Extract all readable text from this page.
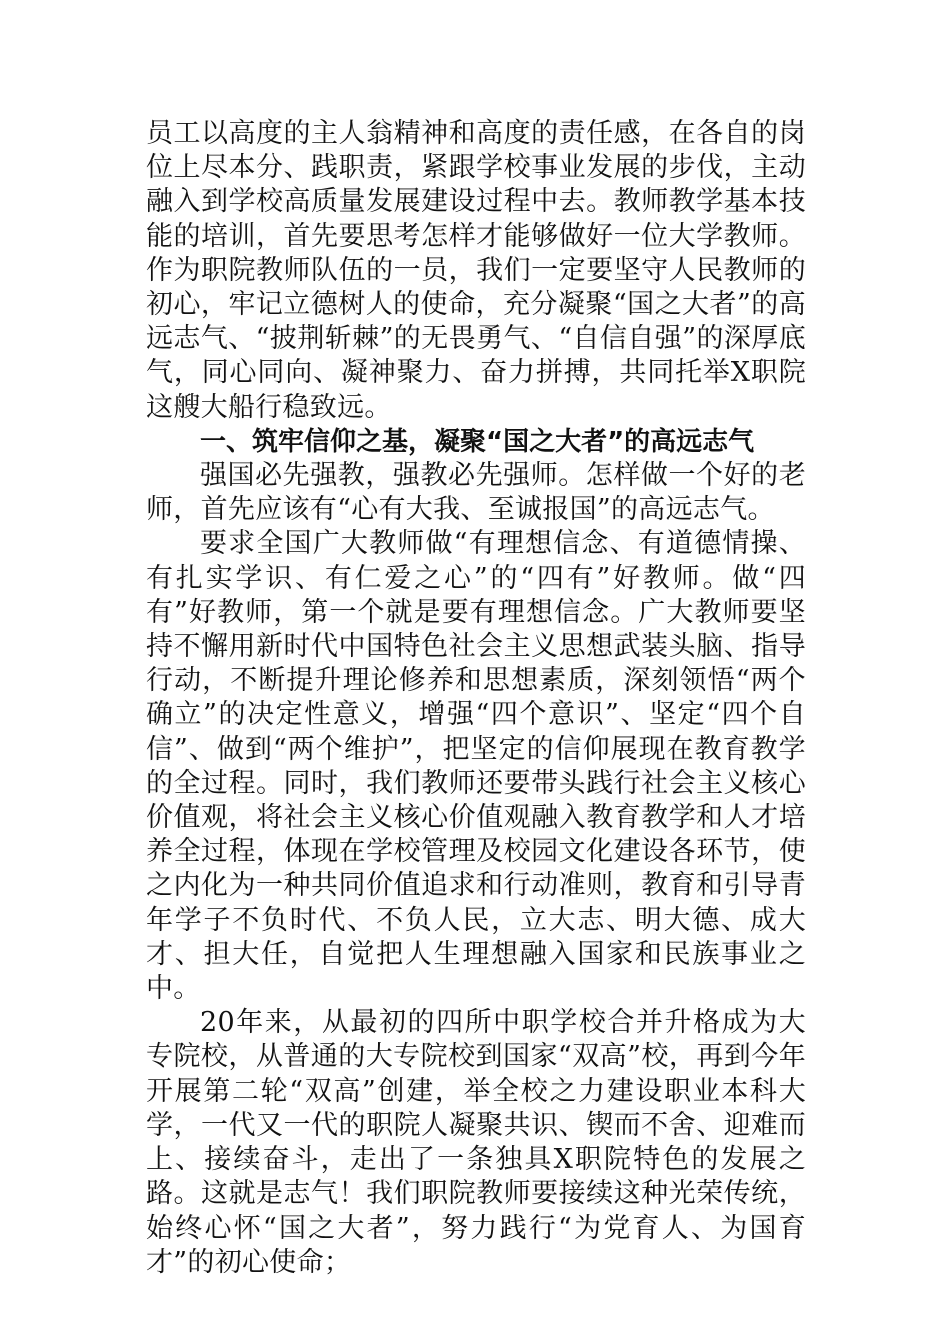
员工以高度的主人翁精神和高度的责任感，在各自的岗位上尽本分、践职责，紧跟学校事业发展的步伐，主动融入到学校高质量发展建设过程中去。教师教学基本技能的培训，首先要思考怎样才能够做好一位大学教师。作为职院教师队伍的一员，我们一定要坚守人民教师的初心，牢记立德树人的使命，充分凝聚“国之大者”的高远志气、“披荆斩棘”的无畏勇气、“自信自强”的深厚底气，同心同向、凝神聚力、奋力拼搏，共同托举X职院这艘大船行稳致远。

一、筑牢信仰之基，凝聚“国之大者”的高远志气

强国必先强教，强教必先强师。怎样做一个好的老师，首先应该有“心有大我、至诚报国”的高远志气。

要求全国广大教师做“有理想信念、有道德情操、有扎实学识、有仁爱之心”的“四有”好教师。做“四有”好教师，第一个就是要有理想信念。广大教师要坚持不懈用新时代中国特色社会主义思想武装头脑、指导行动，不断提升理论修养和思想素质，深刻领悟“两个确立”的决定性意义，增强“四个意识”、坚定“四个自信”、做到“两个维护”，把坚定的信仰展现在教育教学的全过程。同时，我们教师还要带头践行社会主义核心价值观，将社会主义核心价值观融入教育教学和人才培养全过程，体现在学校管理及校园文化建设各环节，使之内化为一种共同价值追求和行动准则，教育和引导青年学子不负时代、不负人民，立大志、明大德、成大才、担大任，自觉把人生理想融入国家和民族事业之中。

20年来，从最初的四所中职学校合并升格成为大专院校，从普通的大专院校到国家“双高”校，再到今年开展第二轮“双高”创建，举全校之力建设职业本科大学，一代又一代的职院人凝聚共识、锲而不舍、迎难而上、接续奋斗，走出了一条独具X职院特色的发展之路。这就是志气！我们职院教师要接续这种光荣传统，始终心怀“国之大者”，努力践行“为党育人、为国育才”的初心使命；
